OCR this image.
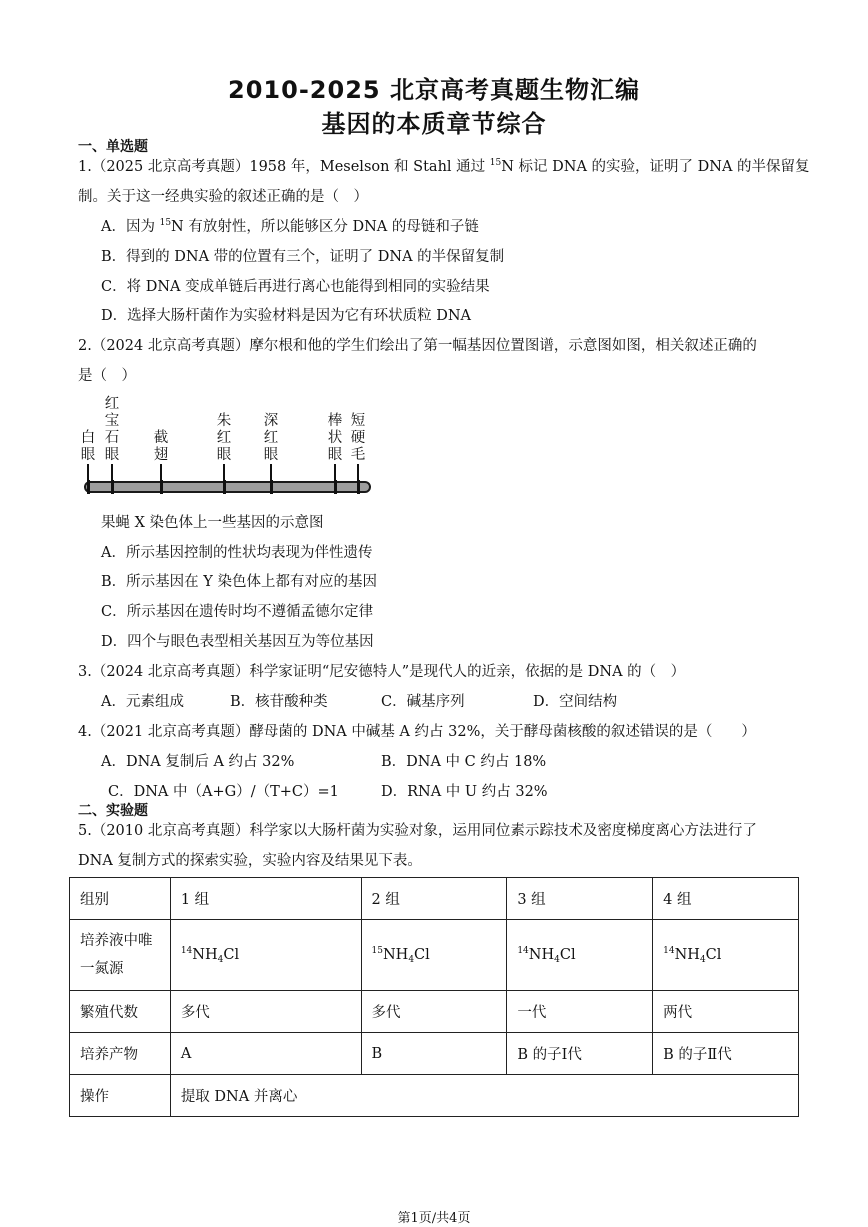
2010-2025 北京高考真题生物汇编
基因的本质章节综合
一、单选题
1.（2025 北京高考真题）1958 年，Meselson 和 Stahl 通过 $^{15}$N 标记 DNA 的实验，证明了 DNA 的半保留复
制。关于这一经典实验的叙述正确的是（　）
A．因为 $^{15}$N 有放射性，所以能够区分 DNA 的母链和子链
B．得到的 DNA 带的位置有三个，证明了 DNA 的半保留复制
C．将 DNA 变成单链后再进行离心也能得到相同的实验结果
D．选择大肠杆菌作为实验材料是因为它有环状质粒 DNA
2.（2024 北京高考真题）摩尔根和他的学生们绘出了第一幅基因位置图谱，示意图如图，相关叙述正确的
是（　）
白
眼
红
宝
石
眼
截
翅
朱
红
眼
深
红
眼
棒
状
眼
短
硬
毛
果蝇 X 染色体上一些基因的示意图
A．所示基因控制的性状均表现为伴性遗传
B．所示基因在 Y 染色体上都有对应的基因
C．所示基因在遗传时均不遵循孟德尔定律
D．四个与眼色表型相关基因互为等位基因
3.（2024 北京高考真题）科学家证明“尼安德特人”是现代人的近亲，依据的是 DNA 的（　）
A．元素组成	B．核苷酸种类	C．碱基序列	D．空间结构
4.（2021 北京高考真题）酵母菌的 DNA 中碱基 A 约占 32%，关于酵母菌核酸的叙述错误的是（　　）
A．DNA 复制后 A 约占 32%	B．DNA 中 C 约占 18%
C．DNA 中（A+G）/（T+C）=1	D．RNA 中 U 约占 32%
二、实验题
5.（2010 北京高考真题）科学家以大肠杆菌为实验对象，运用同位素示踪技术及密度梯度离心方法进行了
DNA 复制方式的探索实验，实验内容及结果见下表。
组别	1 组	2 组	3 组	4 组
培养液中唯
一氮源	$^{14}NH_4Cl$	$^{15}NH_4Cl$	$^{14}NH_4Cl$	$^{14}NH_4Cl$
繁殖代数	多代	多代	一代	两代
培养产物	A	B	B 的子Ⅰ代	B 的子Ⅱ代
操作	提取 DNA 并离心			
第1页/共4页
